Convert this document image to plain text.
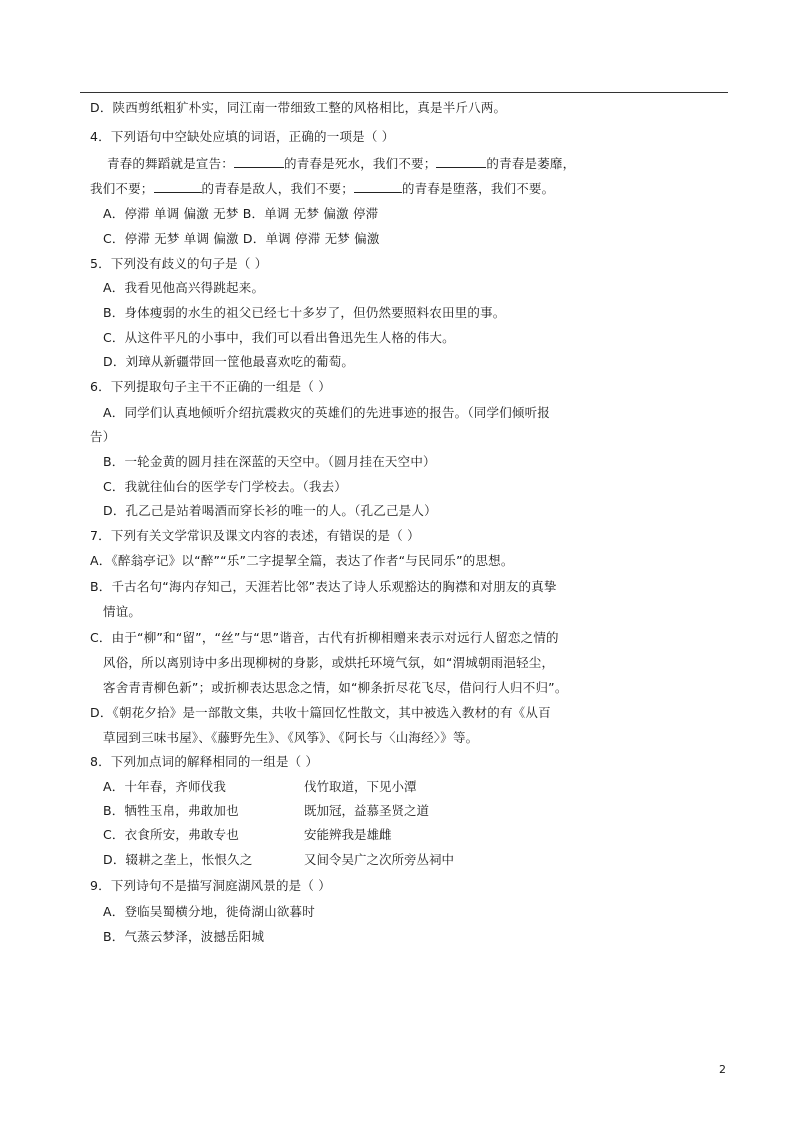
D．陕西剪纸粗犷朴实，同江南一带细致工整的风格相比，真是半斤八两。
4．下列语句中空缺处应填的词语，正确的一项是（ ）
青春的舞蹈就是宣告：	的青春是死水，我们不要；	的青春是萎靡，
我们不要；	的青春是敌人，我们不要；	的青春是堕落，我们不要。
A．停滞 单调 偏激 无梦 B．单调 无梦 偏激 停滞
C．停滞 无梦 单调 偏激 D．单调 停滞 无梦 偏激
5．下列没有歧义的句子是（ ）
A．我看见他高兴得跳起来。
B．身体瘦弱的水生的祖父已经七十多岁了，但仍然要照料农田里的事。
C．从这件平凡的小事中，我们可以看出鲁迅先生人格的伟大。
D．刘璋从新疆带回一筐他最喜欢吃的葡萄。
6．下列提取句子主干不正确的一组是（ ）
A．同学们认真地倾听介绍抗震救灾的英雄们的先进事迹的报告。（同学们倾听报
告）
B．一轮金黄的圆月挂在深蓝的天空中。（圆月挂在天空中）
C．我就往仙台的医学专门学校去。（我去）
D．孔乙己是站着喝酒而穿长衫的唯一的人。（孔乙己是人）
7．下列有关文学常识及课文内容的表述，有错误的是（ ）
A．《醉翁亭记》以“醉”“乐”二字提挈全篇，表达了作者“与民同乐”的思想。
B．千古名句“海内存知己，天涯若比邻”表达了诗人乐观豁达的胸襟和对朋友的真挚
情谊。
C．由于“柳”和“留”，“丝”与“思”谐音，古代有折柳相赠来表示对远行人留恋之情的
风俗，所以离别诗中多出现柳树的身影，或烘托环境气氛，如“渭城朝雨浥轻尘，
客舍青青柳色新”；或折柳表达思念之情，如“柳条折尽花飞尽，借问行人归不归”。
D．《朝花夕拾》是一部散文集，共收十篇回忆性散文，其中被选入教材的有《从百
草园到三味书屋》、《藤野先生》、《风筝》、《阿长与〈山海经〉》等。
8．下列加点词的解释相同的一组是（ ）
A．十年春，齐师伐我	伐竹取道，下见小潭
B．牺牲玉帛，弗敢加也	既加冠，益慕圣贤之道
C．衣食所安，弗敢专也	安能辨我是雄雌
D．辍耕之垄上，怅恨久之	又间令吴广之次所旁丛祠中
9．下列诗句不是描写洞庭湖风景的是（ ）
A．登临吴蜀横分地，徙倚湖山欲暮时
B．气蒸云梦泽，波撼岳阳城
2
